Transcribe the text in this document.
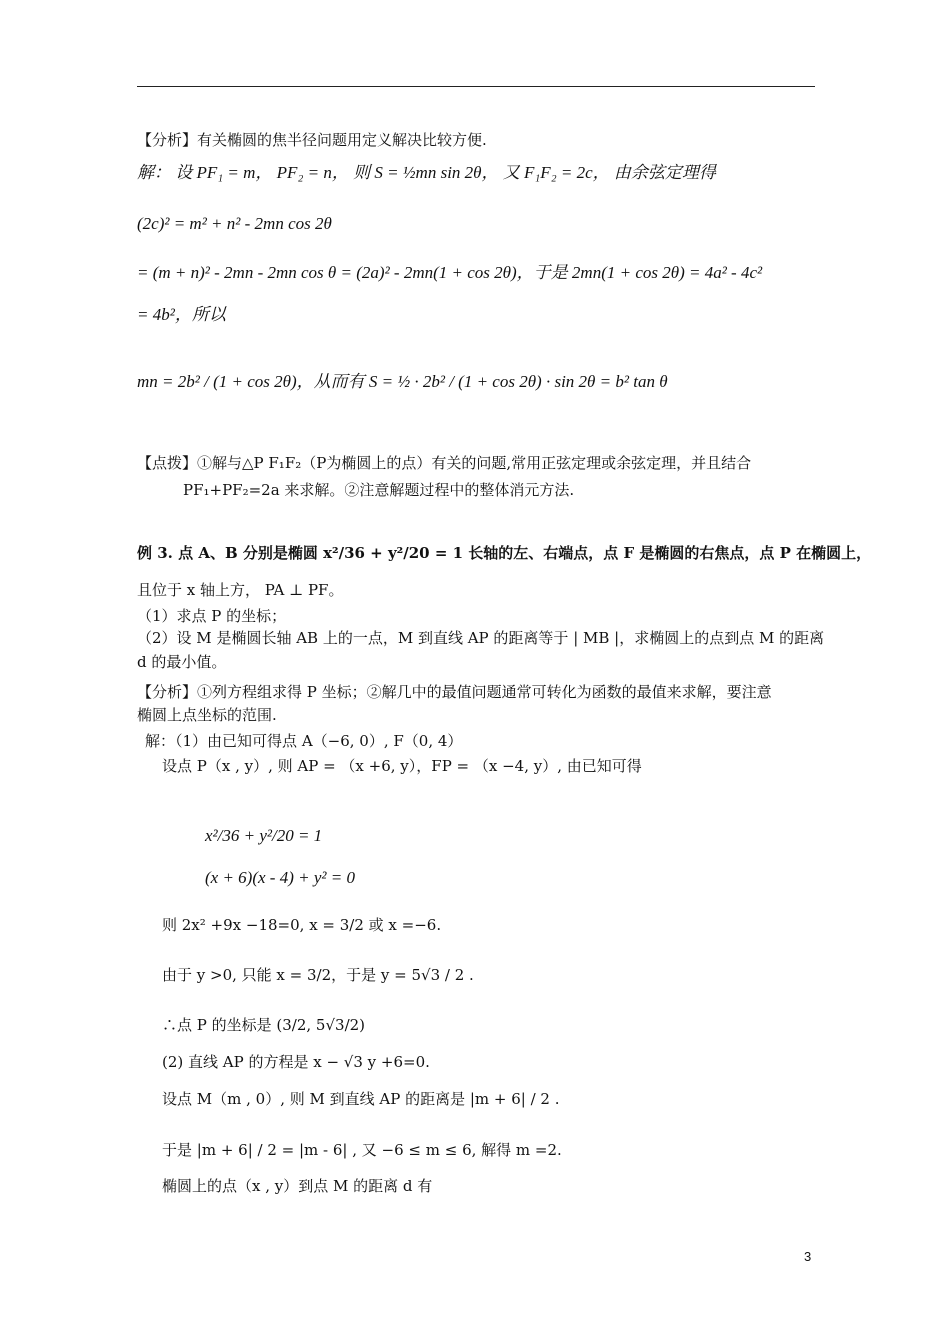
【分析】有关椭圆的焦半径问题用定义解决比较方便.
解： 设 PF₁ = m， PF₂ = n， 则 S = ½mn sin 2θ， 又 F₁F₂ = 2c， 由余弦定理得
(2c)² = m² + n² - 2mn cos 2θ
= (m + n)² - 2mn - 2mn cos θ = (2a)² - 2mn(1 + cos 2θ)，于是 2mn(1 + cos 2θ) = 4a² - 4c²
= 4b²，所以
mn = 2b² / (1 + cos 2θ)，从而有 S = ½ · 2b² / (1 + cos 2θ) · sin 2θ = b² tan θ
【点拨】①解与△P F₁F₂（P为椭圆上的点）有关的问题,常用正弦定理或余弦定理，并且结合
PF₁+PF₂=2a 来求解。②注意解题过程中的整体消元方法.
例 3. 点 A、B 分别是椭圆 x²/36 + y²/20 = 1 长轴的左、右端点，点 F 是椭圆的右焦点，点 P 在椭圆上，
且位于 x 轴上方， PA ⊥ PF。
（1）求点 P 的坐标；
（2）设 M 是椭圆长轴 AB 上的一点，M 到直线 AP 的距离等于 | MB |，求椭圆上的点到点 M 的距离
d 的最小值。
【分析】①列方程组求得 P 坐标；②解几中的最值问题通常可转化为函数的最值来求解，要注意
椭圆上点坐标的范围.
解：（1）由已知可得点 A（−6, 0）, F（0, 4）
设点 P（x , y）, 则 AP = （x +6, y），FP = （x −4, y）, 由已知可得
x²/36 + y²/20 = 1
(x + 6)(x - 4) + y² = 0
则 2x² +9x −18=0, x = 3/2 或 x =−6.
由于 y >0, 只能 x = 3/2，于是 y = 5√3 / 2 .
∴点 P 的坐标是 (3/2, 5√3/2)
(2) 直线 AP 的方程是 x − √3 y +6=0.
设点 M（m , 0）, 则 M 到直线 AP 的距离是 |m + 6| / 2 .
于是 |m + 6| / 2 = |m - 6| , 又 −6 ≤ m ≤ 6, 解得 m =2.
椭圆上的点（x , y）到点 M 的距离 d 有
3
